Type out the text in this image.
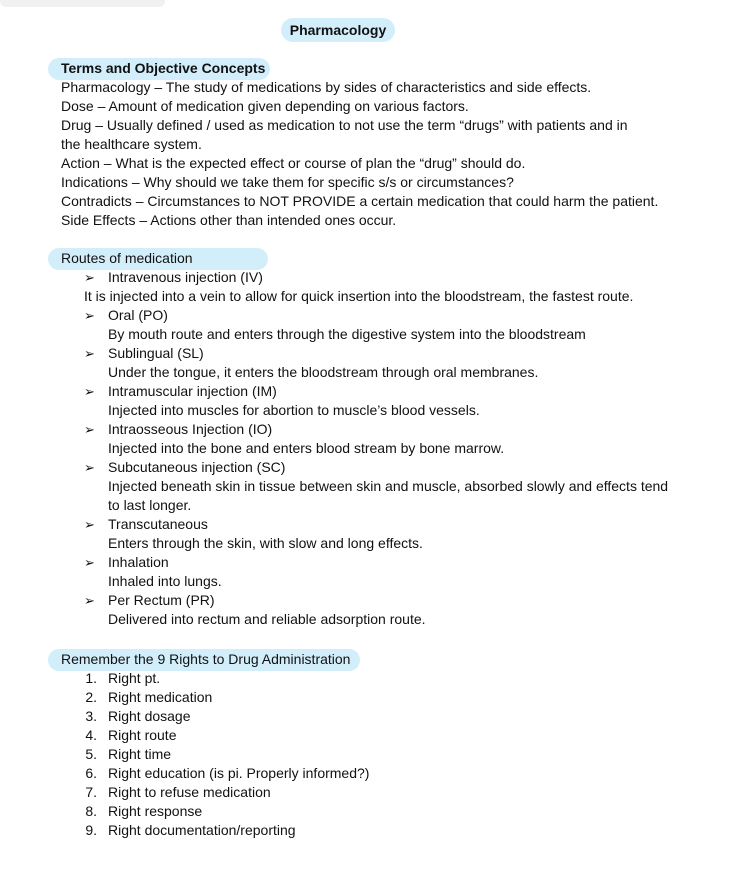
Pharmacology
Terms and Objective Concepts
Pharmacology – The study of medications by sides of characteristics and side effects.
Dose – Amount of medication given depending on various factors.
Drug – Usually defined / used as medication to not use the term “drugs” with patients and in
the healthcare system.
Action – What is the expected effect or course of plan the “drug” should do.
Indications – Why should we take them for specific s/s or circumstances?
Contradicts – Circumstances to NOT PROVIDE a certain medication that could harm the patient.
Side Effects – Actions other than intended ones occur.
Routes of medication
➢ Intravenous injection (IV)
It is injected into a vein to allow for quick insertion into the bloodstream, the fastest route.
➢ Oral (PO)
By mouth route and enters through the digestive system into the bloodstream
➢ Sublingual (SL)
Under the tongue, it enters the bloodstream through oral membranes.
➢ Intramuscular injection (IM)
Injected into muscles for abortion to muscle’s blood vessels.
➢ Intraosseous Injection (IO)
Injected into the bone and enters blood stream by bone marrow.
➢ Subcutaneous injection (SC)
Injected beneath skin in tissue between skin and muscle, absorbed slowly and effects tend
to last longer.
➢ Transcutaneous
Enters through the skin, with slow and long effects.
➢ Inhalation
Inhaled into lungs.
➢ Per Rectum (PR)
Delivered into rectum and reliable adsorption route.
Remember the 9 Rights to Drug Administration
1. Right pt.
2. Right medication
3. Right dosage
4. Right route
5. Right time
6. Right education (is pi. Properly informed?)
7. Right to refuse medication
8. Right response
9. Right documentation/reporting
